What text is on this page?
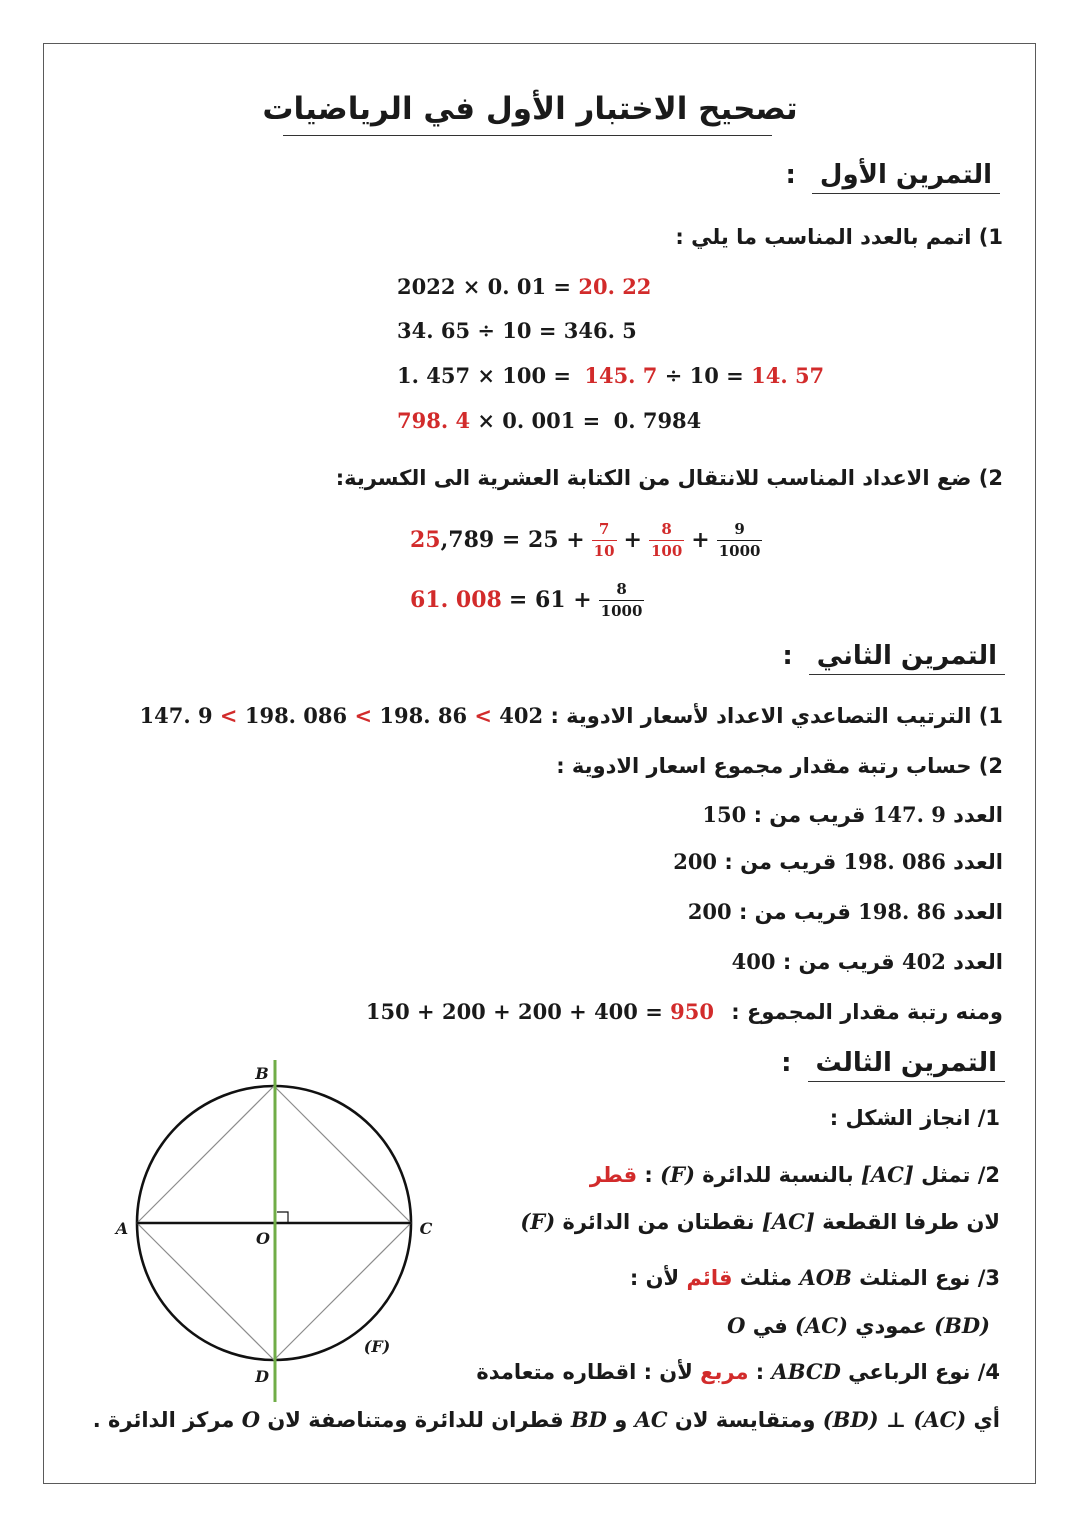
تصحيح الاختبار الأول في الرياضيات
التمرين الأول:
1) اتمم بالعدد المناسب ما يلي :
2022 × 0. 01 = 20. 22
34. 65 ÷ 10 = 346. 5
1. 457 × 100 = 145. 7 ÷ 10 = 14. 57
798. 4 × 0. 001 = 0. 7984
2) ضع الاعداد المناسب للانتقال من الكتابة العشرية الى الكسرية:
$25,789 = 25 + \frac{7}{10} + \frac{8}{100} + \frac{9}{1000}$
61. $008 = 61 + \frac{8}{1000}$
التمرين الثاني:
1) الترتيب التصاعدي الاعداد لأسعار الادوية : 147. 9 < 198. 086 < 198. 86 < 402
2) حساب رتبة مقدار مجموع اسعار الادوية :
العدد 147. 9 قريب من : 150
العدد 198. 086 قريب من : 200
العدد 198. 86 قريب من : 200
العدد 402 قريب من : 400
ومنه رتبة مقدار المجموع : 150 + 200 + 200 + 400 = 950
التمرين الثالث:
1/ انجاز الشكل :
2/ تمثل [AC] بالنسبة للدائرة (F) : قطر
لان طرفا القطعة [AC] نقطتان من الدائرة (F)
3/ نوع المثلث AOB مثلث قائم لأن :
(BD) عمودي (AC) في O
4/ نوع الرباعي ABCD : مربع لأن : اقطاره متعامدة
أي (AC) ⊥ (BD) ومتقايسة لان AC و BD قطران للدائرة ومتناصفة لان O مركز الدائرة .
B
A	C
O
D
(F)
